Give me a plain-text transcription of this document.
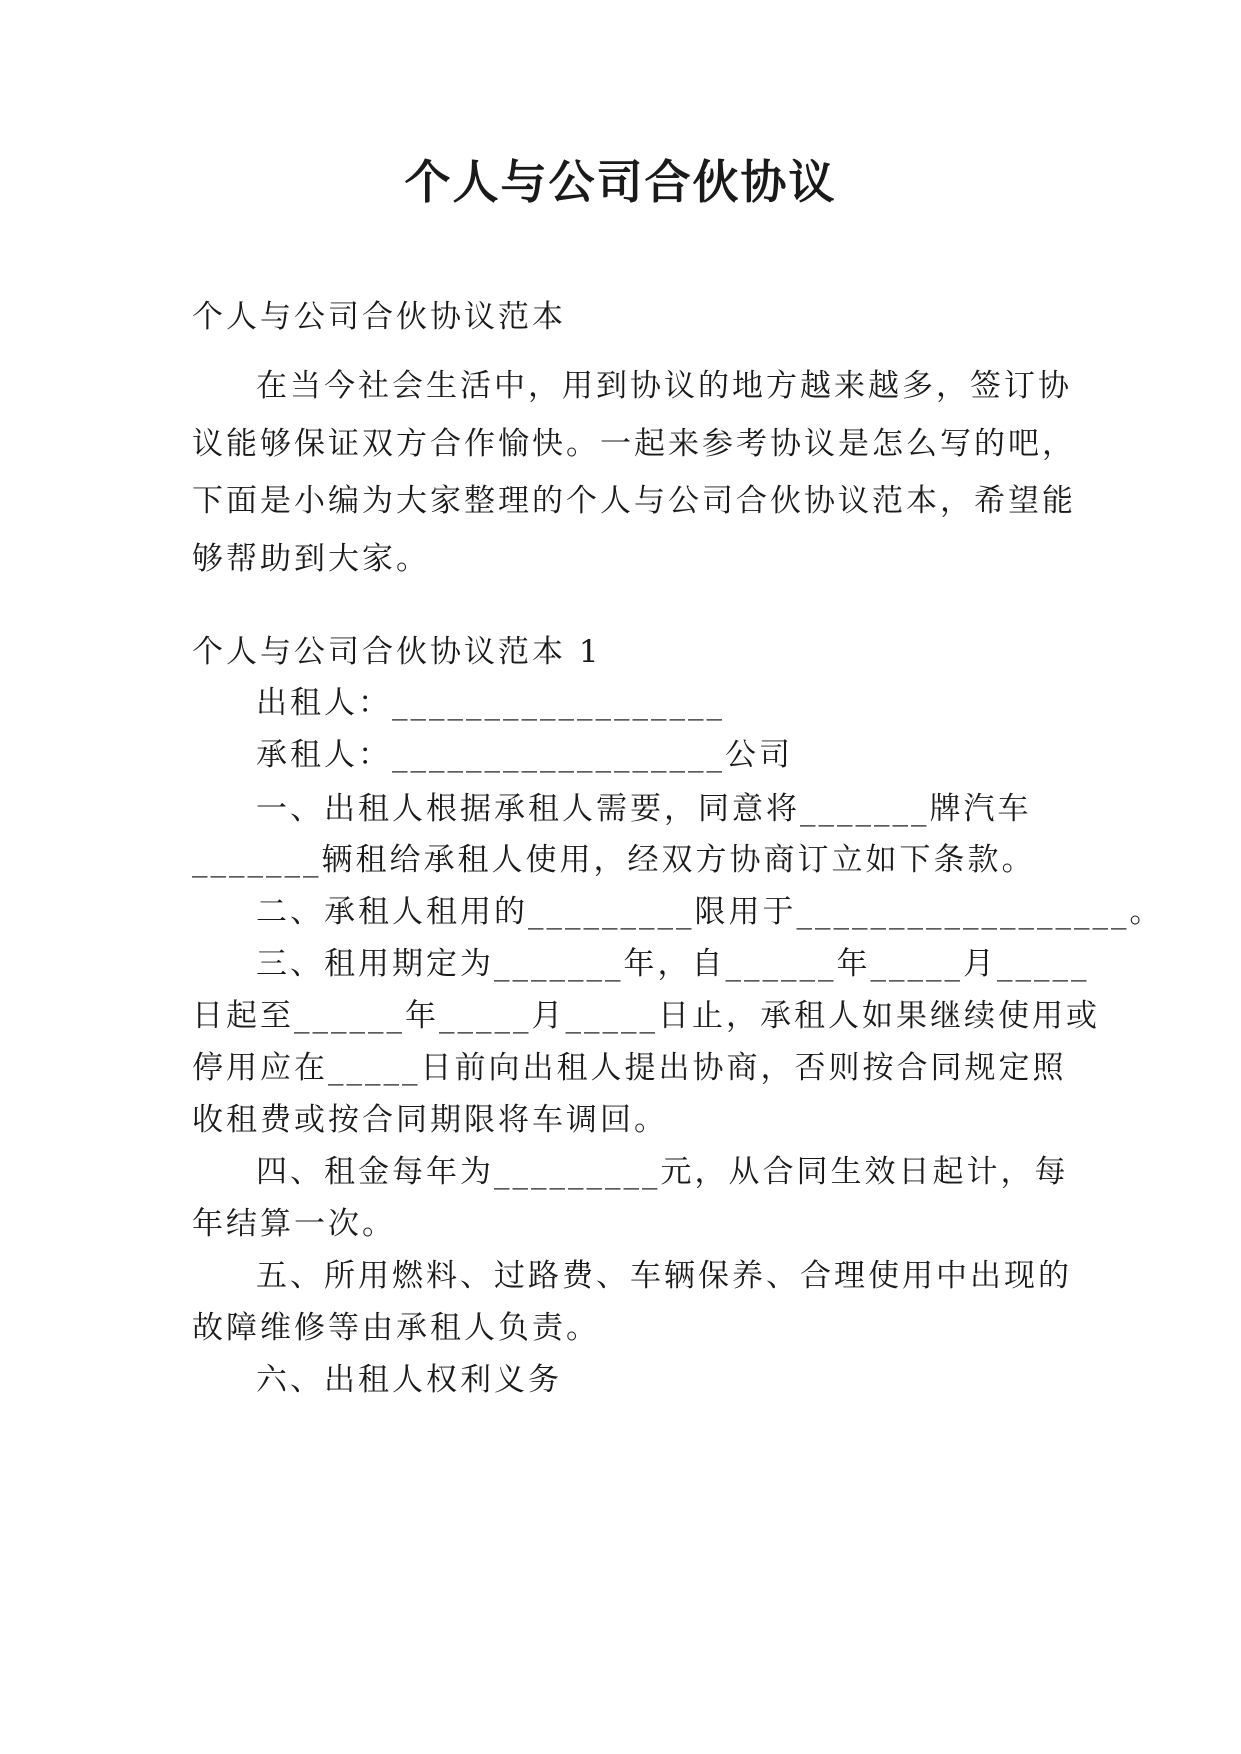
个人与公司合伙协议
个人与公司合伙协议范本
在当今社会生活中，用到协议的地方越来越多，签订协
议能够保证双方合作愉快。一起来参考协议是怎么写的吧，
下面是小编为大家整理的个人与公司合伙协议范本，希望能
够帮助到大家。
个人与公司合伙协议范本 1
出租人：__________________
承租人：__________________公司
一、出租人根据承租人需要，同意将_______牌汽车
_______辆租给承租人使用，经双方协商订立如下条款。
二、承租人租用的_________限用于__________________。
三、租用期定为_______年，自______年_____月_____
日起至______年_____月_____日止，承租人如果继续使用或
停用应在_____日前向出租人提出协商，否则按合同规定照
收租费或按合同期限将车调回。
四、租金每年为_________元，从合同生效日起计，每
年结算一次。
五、所用燃料、过路费、车辆保养、合理使用中出现的
故障维修等由承租人负责。
六、出租人权利义务
